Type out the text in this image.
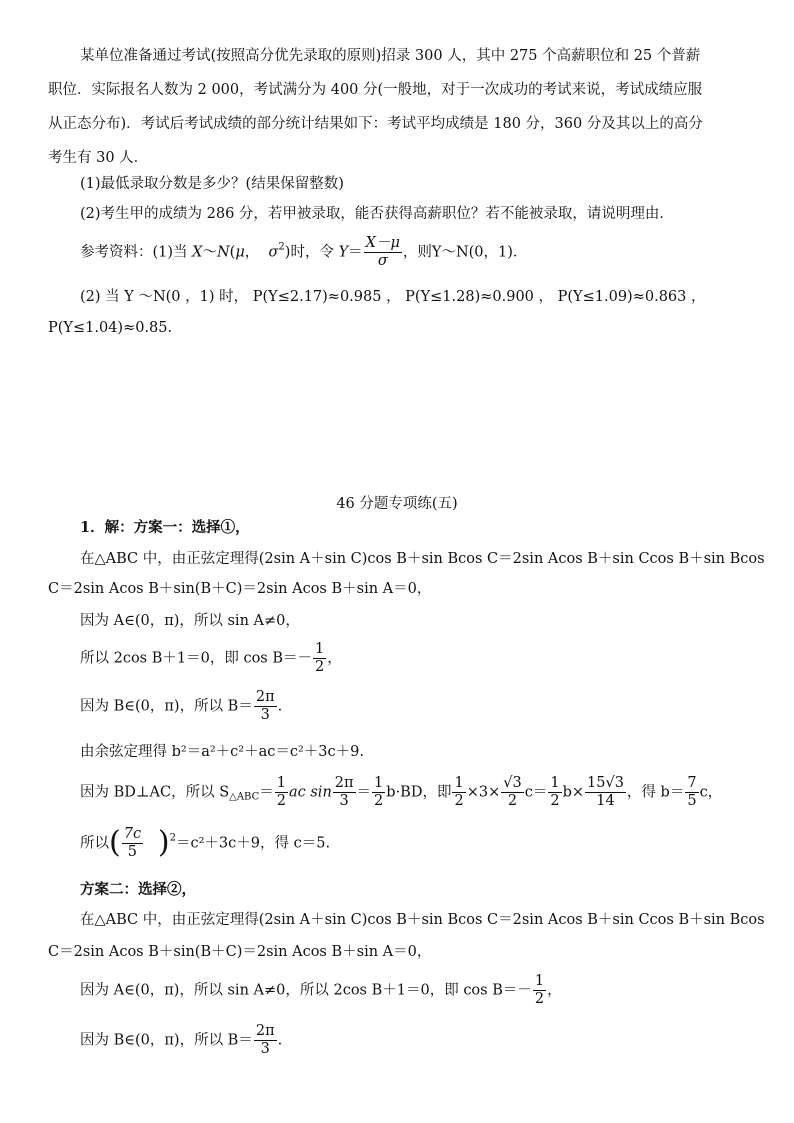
某单位准备通过考试(按照高分优先录取的原则)招录 300 人，其中 275 个高薪职位和 25 个普薪
职位．实际报名人数为 2 000，考试满分为 400 分(一般地，对于一次成功的考试来说，考试成绩应服
从正态分布)．考试后考试成绩的部分统计结果如下：考试平均成绩是 180 分，360 分及其以上的高分
考生有 30 人．
(1)最低录取分数是多少？(结果保留整数)
(2)考生甲的成绩为 286 分，若甲被录取，能否获得高薪职位？若不能被录取，请说明理由．
参考资料：(1)当 X～N(μ，  $\sigma^2$)时，令 $Y= \frac{X-\mu}{\sigma}$ ，则Y～N(0，1)．
(2) 当 Y ～N(0 ，1) 时， P(Y≤2.17)≈0.985 ， P(Y≤1.28)≈0.900 ， P(Y≤1.09)≈0.863 ，
P(Y≤1.04)≈0.85.
46 分题专项练(五)
1．解：方案一：选择①，
在△ABC 中，由正弦定理得(2sin A＋sin C)cos B＋sin Bcos C＝2sin Acos B＋sin Ccos B＋sin Bcos
C＝2sin Acos B＋sin(B＋C)＝2sin Acos B＋sin A＝0，
因为 A∈(0，π)，所以 sin A≠0，
所以 2cos B＋1＝0，即 $\cos B=- \frac{1}{2}$ ，
因为 B∈(0，π)，所以 $B= \frac{2\pi}{3}$ .
由余弦定理得 b²＝a²＋c²＋ac＝c²＋3c＋9.
因为 BD⊥AC，所以 $S_{\triangle ABC}= \frac{1}{2}$ ac $\sin \frac{2\pi}{3} = \frac{1}{2} b\cdot BD$，即 $\frac{1}{2} \times 3\times \frac{√3}{2} c= \frac{1}{2} b\times \frac{15√3}{14}$ ，得 $b= \frac{7}{5}$ c，
所以( $\frac{7c}{5} )^2=c^2+3c+9$，得 c＝5.
方案二：选择②，
在△ABC 中，由正弦定理得(2sin A＋sin C)cos B＋sin Bcos C＝2sin Acos B＋sin Ccos B＋sin Bcos
C＝2sin Acos B＋sin(B＋C)＝2sin Acos B＋sin A＝0，
因为 A∈(0，π)，所以 sin A≠0，所以 2cos B＋1＝0，即 $\cos B=- \frac{1}{2}$ ，
因为 B∈(0，π)，所以 $B= \frac{2\pi}{3}$ .
